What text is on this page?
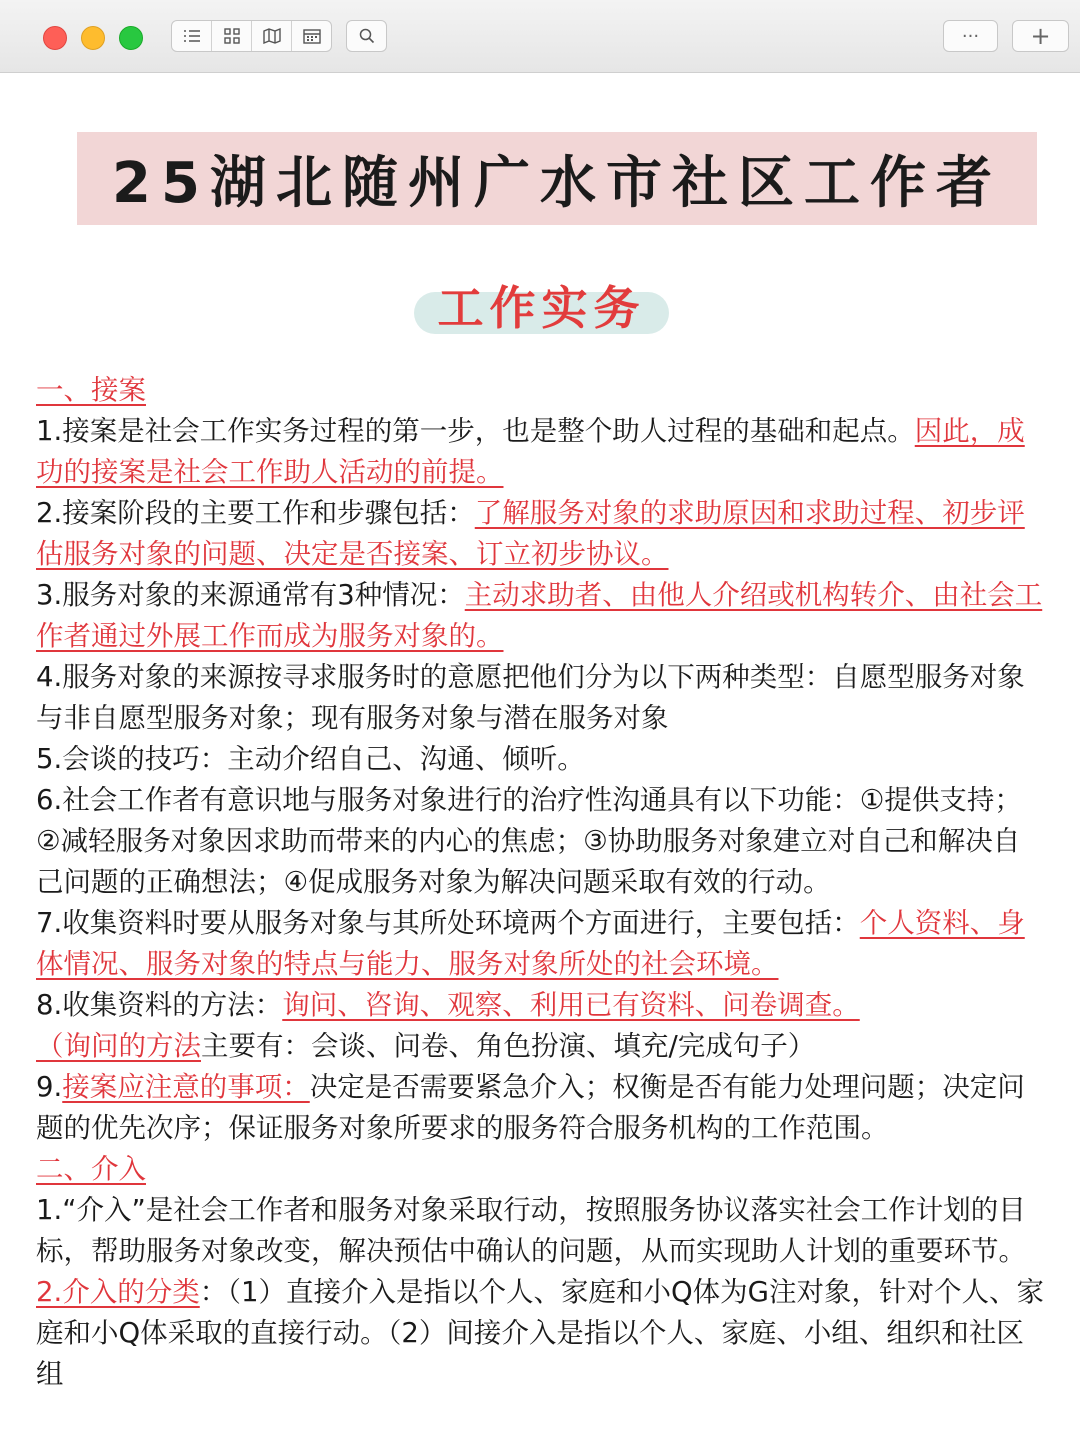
··· +
25湖北随州广水市社区工作者
工作实务

一、接案

1.接案是社会工作实务过程的第一步，也是整个助人过程的基础和起点。因此，成功的接案是社会工作助人活动的前提。

2.接案阶段的主要工作和步骤包括：了解服务对象的求助原因和求助过程、初步评估服务对象的问题、决定是否接案、订立初步协议。

3.服务对象的来源通常有3种情况：主动求助者、由他人介绍或机构转介、由社会工作者通过外展工作而成为服务对象的。

4.服务对象的来源按寻求服务时的意愿把他们分为以下两种类型：自愿型服务对象与非自愿型服务对象；现有服务对象与潜在服务对象

5.会谈的技巧：主动介绍自己、沟通、倾听。

6.社会工作者有意识地与服务对象进行的治疗性沟通具有以下功能：①提供支持；②减轻服务对象因求助而带来的内心的焦虑；③协助服务对象建立对自己和解决自己问题的正确想法；④促成服务对象为解决问题采取有效的行动。

7.收集资料时要从服务对象与其所处环境两个方面进行，主要包括：个人资料、身体情况、服务对象的特点与能力、服务对象所处的社会环境。

8.收集资料的方法：询问、咨询、观察、利用已有资料、问卷调查。
（询问的方法主要有：会谈、问卷、角色扮演、填充/完成句子）

9.接案应注意的事项：决定是否需要紧急介入；权衡是否有能力处理问题；决定问题的优先次序；保证服务对象所要求的服务符合服务机构的工作范围。

二、介入

1.“介入”是社会工作者和服务对象采取行动，按照服务协议落实社会工作计划的目标，帮助服务对象改变，解决预估中确认的问题，从而实现助人计划的重要环节。

2.介入的分类：（1）直接介入是指以个人、家庭和小Q体为G注对象，针对个人、家庭和小Q体采取的直接行动。（2）间接介入是指以个人、家庭、小组、组织和社区组
